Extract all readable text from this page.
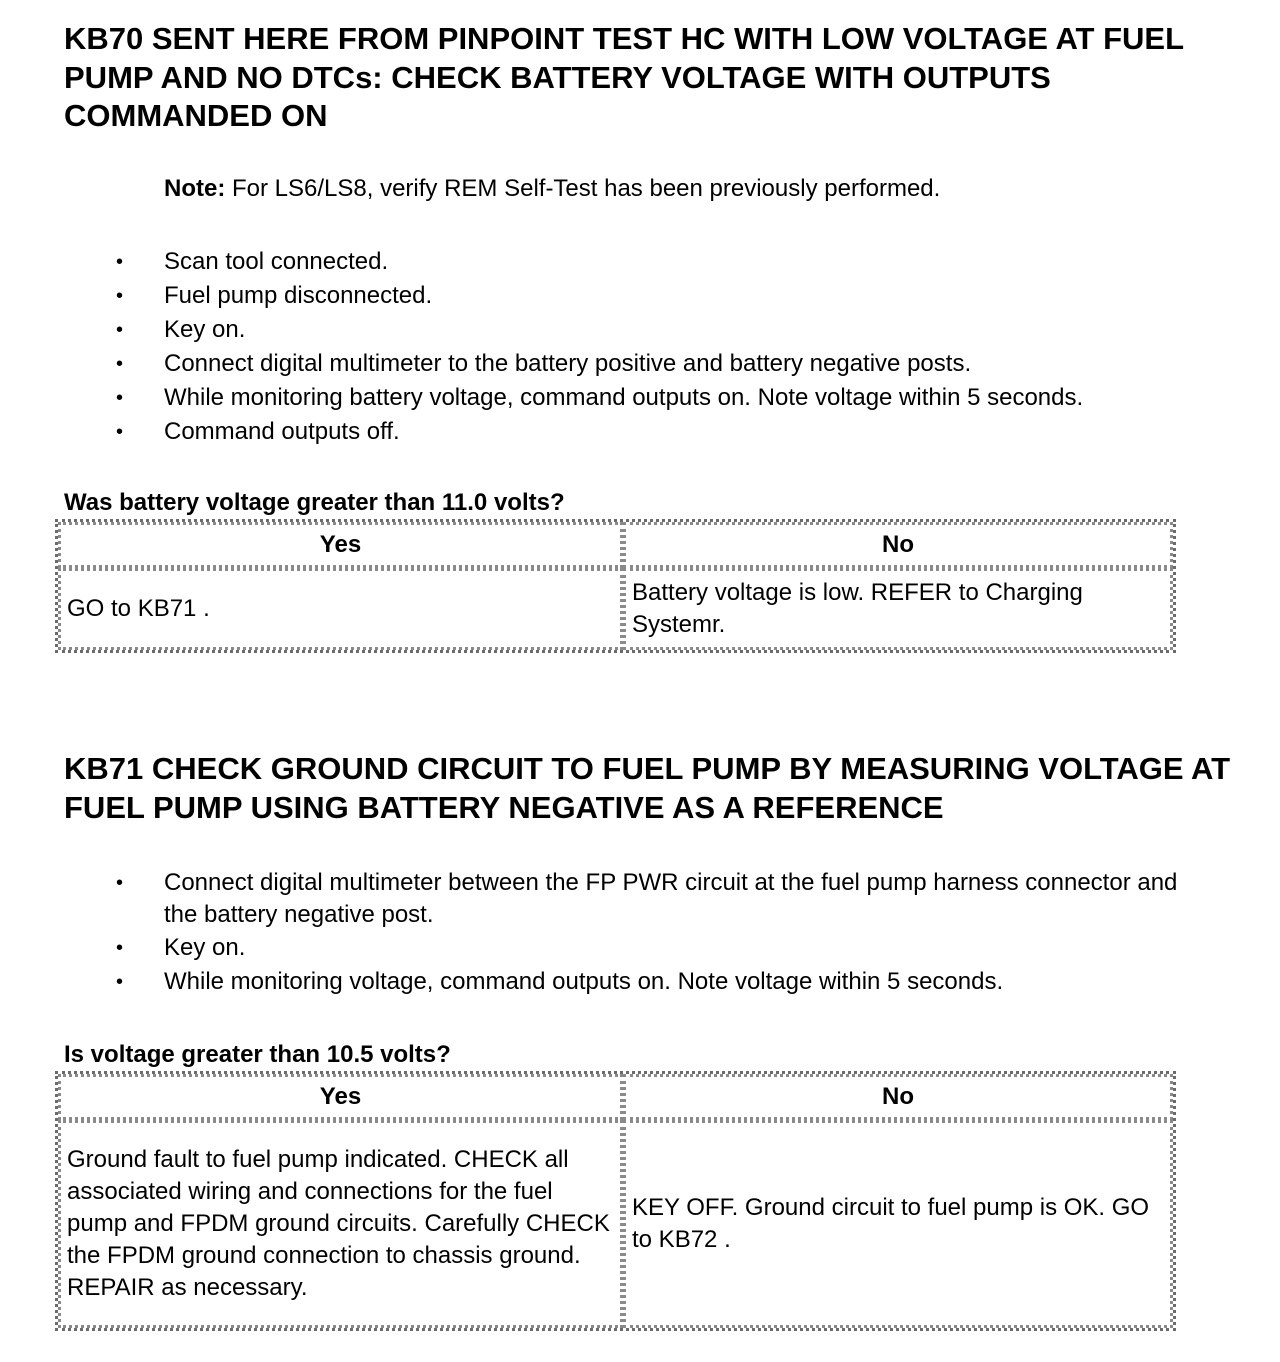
KB70 SENT HERE FROM PINPOINT TEST HC WITH LOW VOLTAGE AT FUEL PUMP AND NO DTCs: CHECK BATTERY VOLTAGE WITH OUTPUTS COMMANDED ON

Note: For LS6/LS8, verify REM Self-Test has been previously performed.

• Scan tool connected.
• Fuel pump disconnected.
• Key on.
• Connect digital multimeter to the battery positive and battery negative posts.
• While monitoring battery voltage, command outputs on. Note voltage within 5 seconds.
• Command outputs off.

Was battery voltage greater than 11.0 volts?

Yes	No
GO to KB71 .	Battery voltage is low. REFER to Charging Systemr.
KB71 CHECK GROUND CIRCUIT TO FUEL PUMP BY MEASURING VOLTAGE AT FUEL PUMP USING BATTERY NEGATIVE AS A REFERENCE
• Connect digital multimeter between the FP PWR circuit at the fuel pump harness connector and the battery negative post.
• Key on.
• While monitoring voltage, command outputs on. Note voltage within 5 seconds.

Is voltage greater than 10.5 volts?

Yes	No
Ground fault to fuel pump indicated. CHECK all associated wiring and connections for the fuel pump and FPDM ground circuits. Carefully CHECK the FPDM ground connection to chassis ground. REPAIR as necessary.	KEY OFF. Ground circuit to fuel pump is OK. GO to KB72 .
